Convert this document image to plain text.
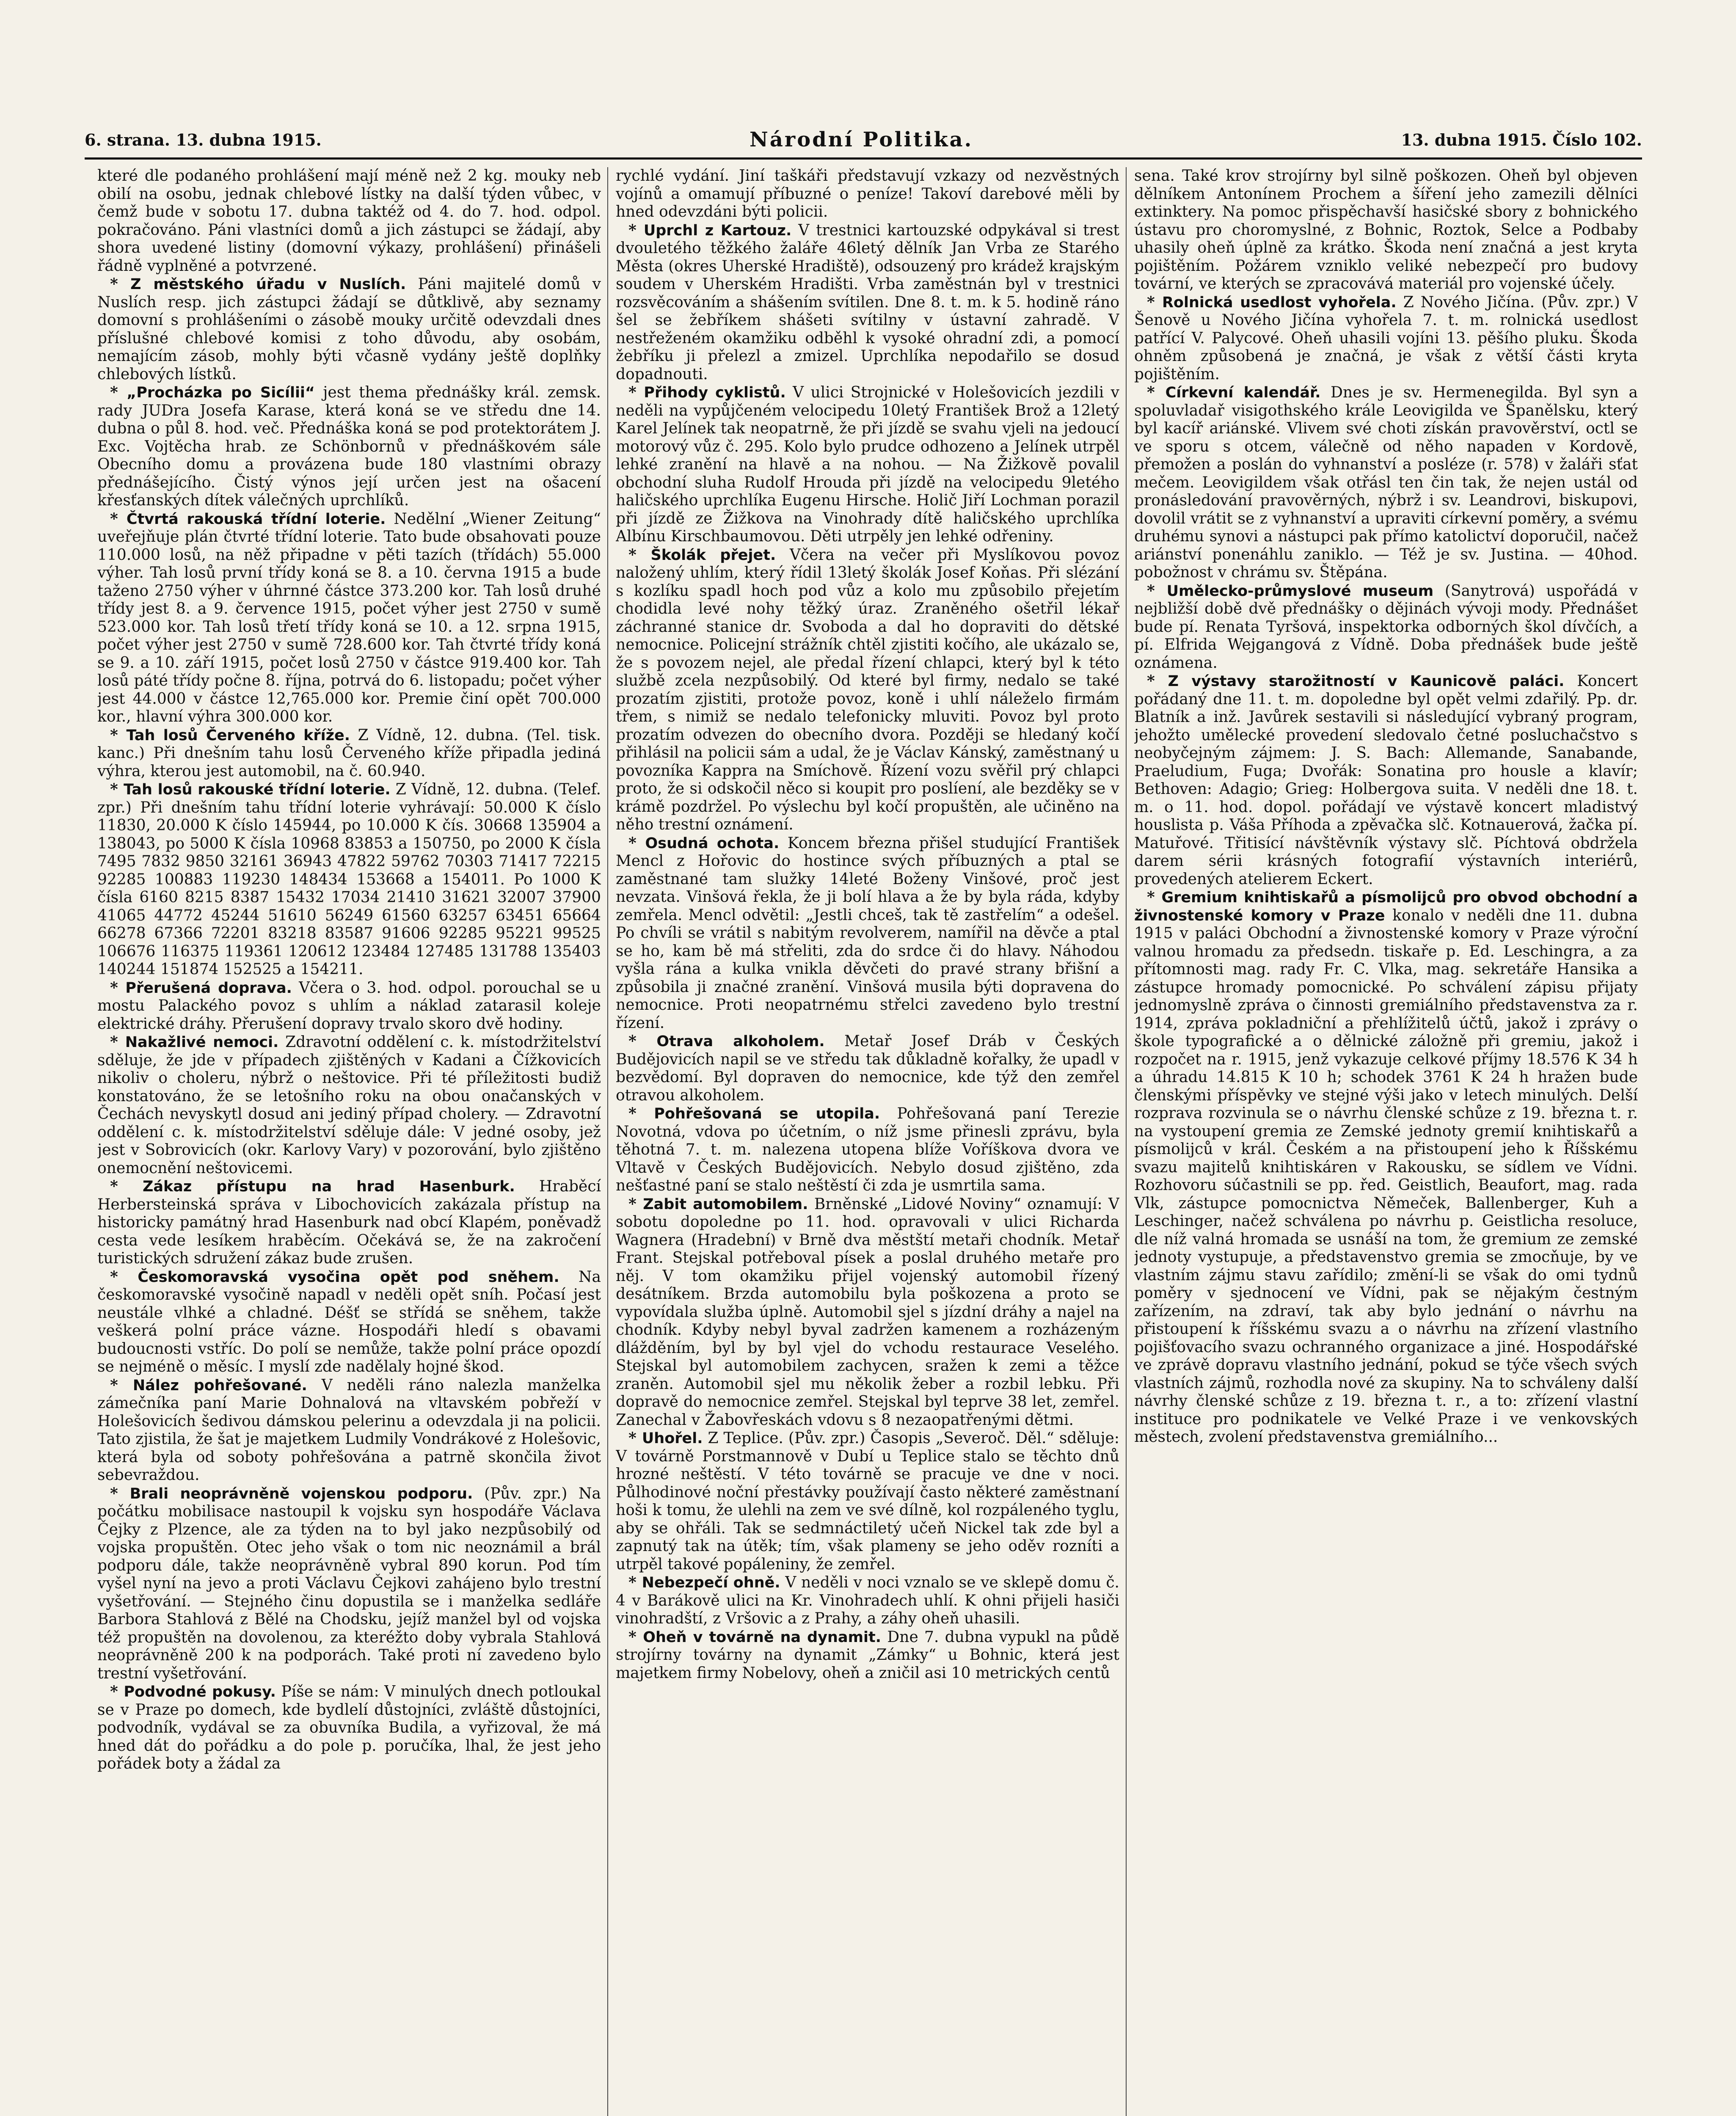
6. strana. 13. dubna 1915.	Národní Politika.	13. dubna 1915. Číslo 102.

které dle podaného prohlášení mají méně než 2 kg. mouky neb obilí na osobu, jednak chlebové lístky na další týden vůbec, v čemž bude v sobotu 17. dubna taktéž od 4. do 7. hod. odpol. pokračováno. Páni vlastníci domů a jich zástupci se žádají, aby shora uvedené listiny (domovní výkazy, prohlášení) přinášeli řádně vyplněné a potvrzené.

* Z městského úřadu v Nuslích. Páni majitelé domů v Nuslích resp. jich zástupci žádají se důtklivě, aby seznamy domovní s prohlášeními o zásobě mouky určitě odevzdali dnes příslušné chlebové komisi z toho důvodu, aby osobám, nemajícím zásob, mohly býti včasně vydány ještě doplňky chlebových lístků.

* „Procházka po Sicílii“ jest thema přednášky král. zemsk. rady JUDra Josefa Karase, která koná se ve středu dne 14. dubna o půl 8. hod. več. Přednáška koná se pod protektorátem J. Exc. Vojtěcha hrab. ze Schönbornů v přednáškovém sále Obecního domu a provázena bude 180 vlastními obrazy přednášejícího. Čistý výnos její určen jest na ošacení křesťanských dítek válečných uprchlíků.

* Čtvrtá rakouská třídní loterie. Nedělní „Wiener Zeitung“ uveřejňuje plán čtvrté třídní loterie. Tato bude obsahovati pouze 110.000 losů, na něž připadne v pěti tazích (třídách) 55.000 výher. Tah losů první třídy koná se 8. a 10. června 1915 a bude taženo 2750 výher v úhrnné částce 373.200 kor. Tah losů druhé třídy jest 8. a 9. července 1915, počet výher jest 2750 v sumě 523.000 kor. Tah losů třetí třídy koná se 10. a 12. srpna 1915, počet výher jest 2750 v sumě 728.600 kor. Tah čtvrté třídy koná se 9. a 10. září 1915, počet losů 2750 v částce 919.400 kor. Tah losů páté třídy počne 8. října, potrvá do 6. listopadu; počet výher jest 44.000 v částce 12,765.000 kor. Premie činí opět 700.000 kor., hlavní výhra 300.000 kor.

* Tah losů Červeného kříže. Z Vídně, 12. dubna. (Tel. tisk. kanc.) Při dnešním tahu losů Červeného kříže připadla jediná výhra, kterou jest automobil, na č. 60.940.

* Tah losů rakouské třídní loterie. Z Vídně, 12. dubna. (Telef. zpr.) Při dnešním tahu třídní loterie vyhrávají: 50.000 K číslo 11830, 20.000 K číslo 145944, po 10.000 K čís. 30668 135904 a 138043, po 5000 K čísla 10968 83853 a 150750, po 2000 K čísla 7495 7832 9850 32161 36943 47822 59762 70303 71417 72215 92285 100883 119230 148434 153668 a 154011. Po 1000 K čísla 6160 8215 8387 15432 17034 21410 31621 32007 37900 41065 44772 45244 51610 56249 61560 63257 63451 65664 66278 67366 72201 83218 83587 91606 92285 95221 99525 106676 116375 119361 120612 123484 127485 131788 135403 140244 151874 152525 a 154211.

* Přerušená doprava. Včera o 3. hod. odpol. porouchal se u mostu Palackého povoz s uhlím a náklad zatarasil koleje elektrické dráhy. Přerušení dopravy trvalo skoro dvě hodiny.

* Nakažlivé nemoci. Zdravotní oddělení c. k. místodržitelství sděluje, že jde v případech zjištěných v Kadani a Čížkovicích nikoliv o choleru, nýbrž o neštovice. Při té příležitosti budiž konstatováno, že se letošního roku na obou onačanských v Čechách nevyskytl dosud ani jediný případ cholery. — Zdravotní oddělení c. k. místodržitelství sděluje dále: V jedné osoby, jež jest v Sobrovicích (okr. Karlovy Vary) v pozorování, bylo zjištěno onemocnění neštovicemi.

* Zákaz přístupu na hrad Hasenburk. Hraběcí Herbersteinská správa v Libochovicích zakázala přístup na historicky památný hrad Hasenburk nad obcí Klapém, poněvadž cesta vede lesíkem hraběcím. Očekává se, že na zakročení turistických sdružení zákaz bude zrušen.

* Českomoravská vysočina opět pod sněhem. Na českomoravské vysočině napadl v neděli opět sníh. Počasí jest neustále vlhké a chladné. Déšť se střídá se sněhem, takže veškerá polní práce vázne. Hospodáři hledí s obavami budoucnosti vstříc. Do polí se nemůže, takže polní práce opozdí se nejméně o měsíc. I myslí zde nadělaly hojné škod.

* Nález pohřešované. V neděli ráno nalezla manželka zámečníka paní Marie Dohnalová na vltavském pobřeží v Holešovicích šedivou dámskou pelerinu a odevzdala ji na policii. Tato zjistila, že šat je majetkem Ludmily Vondrákové z Holešovic, která byla od soboty pohřešována a patrně skončila život sebevraždou.

* Brali neoprávněně vojenskou podporu. (Pův. zpr.) Na počátku mobilisace nastoupil k vojsku syn hospodáře Václava Čejky z Plzence, ale za týden na to byl jako nezpůsobilý od vojska propuštěn. Otec jeho však o tom nic neoznámil a brál podporu dále, takže neoprávněně vybral 890 korun. Pod tím vyšel nyní na jevo a proti Václavu Čejkovi zahájeno bylo trestní vyšetřování. — Stejného činu dopustila se i manželka sedláře Barbora Stahlová z Bělé na Chodsku, jejíž manžel byl od vojska též propuštěn na dovolenou, za kteréžto doby vybrala Stahlová neoprávněně 200 k na podporách. Také proti ní zavedeno bylo trestní vyšetřování.

* Podvodné pokusy. Píše se nám: V minulých dnech potloukal se v Praze po domech, kde bydlelí důstojníci, zvláště důstojníci, podvodník, vydával se za obuvníka Budila, a vyřizoval, že má hned dát do pořádku a do pole p. poručíka, lhal, že jest jeho pořádek boty a žádal za

rychlé vydání. Jiní taškáři představují vzkazy od nezvěstných vojínů a omamují příbuzné o peníze! Takoví darebové měli by hned odevzdáni býti policii.

* Uprchl z Kartouz. V trestnici kartouzské odpykával si trest dvouletého těžkého žaláře 46letý dělník Jan Vrba ze Starého Města (okres Uherské Hradiště), odsouzený pro krádež krajským soudem v Uherském Hradišti. Vrba zaměstnán byl v trestnici rozsvěcováním a shášením svítilen. Dne 8. t. m. k 5. hodině ráno šel se žebříkem shášeti svítilny v ústavní zahradě. V nestřeženém okamžiku odběhl k vysoké ohradní zdi, a pomocí žebříku ji přelezl a zmizel. Uprchlíka nepodařilo se dosud dopadnouti.

* Přihody cyklistů. V ulici Strojnické v Holešovicích jezdili v neděli na vypůjčeném velocipedu 10letý František Brož a 12letý Karel Jelínek tak neopatrně, že při jízdě se svahu vjeli na jedoucí motorový vůz č. 295. Kolo bylo prudce odhozeno a Jelínek utrpěl lehké zranění na hlavě a na nohou. — Na Žižkově povalil obchodní sluha Rudolf Hrouda při jízdě na velocipedu 9letého haličského uprchlíka Eugenu Hirsche. Holič Jiří Lochman porazil při jízdě ze Žižkova na Vinohrady dítě haličského uprchlíka Albínu Kirschbaumovou. Děti utrpěly jen lehké odřeniny.

* Školák přejet. Včera na večer při Myslíkovou povoz naložený uhlím, který řídil 13letý školák Josef Koňas. Při slézání s kozlíku spadl hoch pod vůz a kolo mu způsobilo přejetím chodidla levé nohy těžký úraz. Zraněného ošetřil lékař záchranné stanice dr. Svoboda a dal ho dopraviti do dětské nemocnice. Policejní strážník chtěl zjistiti kočího, ale ukázalo se, že s povozem nejel, ale předal řízení chlapci, který byl k této službě zcela nezpůsobilý. Od které byl firmy, nedalo se také prozatím zjistiti, protože povoz, koně i uhlí náleželo firmám třem, s nimiž se nedalo telefonicky mluviti. Povoz byl proto prozatím odvezen do obecního dvora. Později se hledaný kočí přihlásil na policii sám a udal, že je Václav Kánský, zaměstnaný u povozníka Kappra na Smíchově. Řízení vozu svěřil prý chlapci proto, že si odskočil něco si koupit pro poslíení, ale bezděky se v krámě pozdržel. Po výslechu byl kočí propuštěn, ale učiněno na něho trestní oznámení.

* Osudná ochota. Koncem března přišel studující František Mencl z Hořovic do hostince svých příbuzných a ptal se zaměstnané tam služky 14leté Boženy Vinšové, proč jest nevzata. Vinšová řekla, že ji bolí hlava a že by byla ráda, kdyby zemřela. Mencl odvětil: „Jestli chceš, tak tě zastřelím“ a odešel. Po chvíli se vrátil s nabitým revolverem, namířil na děvče a ptal se ho, kam bě má střeliti, zda do srdce či do hlavy. Náhodou vyšla rána a kulka vnikla děvčeti do pravé strany břišní a způsobila ji značné zranění. Vinšová musila býti dopravena do nemocnice. Proti neopatrnému střelci zavedeno bylo trestní řízení.

* Otrava alkoholem. Metař Josef Dráb v Českých Budějovicích napil se ve středu tak důkladně kořalky, že upadl v bezvědomí. Byl dopraven do nemocnice, kde týž den zemřel otravou alkoholem.

* Pohřešovaná se utopila. Pohřešovaná paní Terezie Novotná, vdova po účetním, o níž jsme přinesli zprávu, byla těhotná 7. t. m. nalezena utopena blíže Voříškova dvora ve Vltavě v Českých Budějovicích. Nebylo dosud zjištěno, zda nešťastné paní se stalo neštěstí či zda je usmrtila sama.

* Zabit automobilem. Brněnské „Lidové Noviny“ oznamují: V sobotu dopoledne po 11. hod. opravovali v ulici Richarda Wagnera (Hradební) v Brně dva městští metaři chodník. Metař Frant. Stejskal potřeboval písek a poslal druhého metaře pro něj. V tom okamžiku přijel vojenský automobil řízený desátníkem. Brzda automobilu byla poškozena a proto se vypovídala služba úplně. Automobil sjel s jízdní dráhy a najel na chodník. Kdyby nebyl byval zadržen kamenem a rozházeným dlážděním, byl by byl vjel do vchodu restaurace Veselého. Stejskal byl automobilem zachycen, sražen k zemi a těžce zraněn. Automobil sjel mu několik žeber a rozbil lebku. Při dopravě do nemocnice zemřel. Stejskal byl teprve 38 let, zemřel. Zanechal v Žabovřeskách vdovu s 8 nezaopatřenými dětmi.

* Uhořel. Z Teplice. (Pův. zpr.) Časopis „Severoč. Děl.“ sděluje: V továrně Porstmannově v Dubí u Teplice stalo se těchto dnů hrozné neštěstí. V této továrně se pracuje ve dne v noci. Půlhodinové noční přestávky používají často některé zaměstnaní hoši k tomu, že ulehli na zem ve své dílně, kol rozpáleného tyglu, aby se ohřáli. Tak se sedmnáctiletý učeň Nickel tak zde byl a zapnutý tak na útěk; tím, však plameny se jeho oděv rozníti a utrpěl takové popáleniny, že zemřel.

* Nebezpečí ohně. V neděli v noci vznalo se ve sklepě domu č. 4 v Barákově ulici na Kr. Vinohradech uhlí. K ohni přijeli hasiči vinohradští, z Vršovic a z Prahy, a záhy oheň uhasili.

* Oheň v továrně na dynamit. Dne 7. dubna vypukl na půdě strojírny továrny na dynamit „Zámky“ u Bohnic, která jest majetkem firmy Nobelovy, oheň a zničil asi 10 metrických centů

sena. Také krov strojírny byl silně poškozen. Oheň byl objeven dělníkem Antonínem Prochem a šíření jeho zamezili dělníci extinktery. Na pomoc přispěchavší hasičské sbory z bohnického ústavu pro choromyslné, z Bohnic, Roztok, Selce a Podbaby uhasily oheň úplně za krátko. Škoda není značná a jest kryta pojištěním. Požárem vzniklo veliké nebezpečí pro budovy tovární, ve kterých se zpracovává materiál pro vojenské účely.

* Rolnická usedlost vyhořela. Z Nového Jičína. (Pův. zpr.) V Šenově u Nového Jičína vyhořela 7. t. m. rolnická usedlost patřící V. Palycové. Oheň uhasili vojíni 13. pěšího pluku. Škoda ohněm způsobená je značná, je však z větší části kryta pojištěním.

* Církevní kalendář. Dnes je sv. Hermenegilda. Byl syn a spoluvladař visigothského krále Leovigilda ve Španělsku, který byl kacíř ariánské. Vlivem své choti získán pravověrství, octl se ve sporu s otcem, válečně od něho napaden v Kordově, přemožen a poslán do vyhnanství a posléze (r. 578) v žaláři sťat mečem. Leovigildem však otřásl ten čin tak, že nejen ustál od pronásledování pravověrných, nýbrž i sv. Leandrovi, biskupovi, dovolil vrátit se z vyhnanství a upraviti církevní poměry, a svému druhému synovi a nástupci pak přímo katolictví doporučil, načež ariánství ponenáhlu zaniklo. — Též je sv. Justina. — 40hod. pobožnost v chrámu sv. Štěpána.

* Umělecko-průmyslové museum (Sanytrová) uspořádá v nejbližší době dvě přednášky o dějinách vývoji mody. Přednášet bude pí. Renata Tyršová, inspektorka odborných škol dívčích, a pí. Elfrida Wejgangová z Vídně. Doba přednášek bude ještě oznámena.

* Z výstavy starožitností v Kaunicově paláci. Koncert pořádaný dne 11. t. m. dopoledne byl opět velmi zdařilý. Pp. dr. Blatník a inž. Javůrek sestavili si následující vybraný program, jehožto umělecké provedení sledovalo četné posluchačstvo s neobyčejným zájmem: J. S. Bach: Allemande, Sanabande, Praeludium, Fuga; Dvořák: Sonatina pro housle a klavír; Bethoven: Adagio; Grieg: Holbergova suita. V neděli dne 18. t. m. o 11. hod. dopol. pořádají ve výstavě koncert mladistvý houslista p. Váša Příhoda a zpěvačka slč. Kotnauerová, žačka pí. Matuřové. Třitisící návštěvník výstavy slč. Píchtová obdržela darem sérii krásných fotografií výstavních interiérů, provedených atelierem Eckert.

* Gremium knihtiskařů a písmolijců pro obvod obchodní a živnostenské komory v Praze konalo v neděli dne 11. dubna 1915 v paláci Obchodní a živnostenské komory v Praze výroční valnou hromadu za předsedn. tiskaře p. Ed. Leschingra, a za přítomnosti mag. rady Fr. C. Vlka, mag. sekretáře Hansika a zástupce hromady pomocnické. Po schválení zápisu přijaty jednomyslně zpráva o činnosti gremiálního představenstva za r. 1914, zpráva pokladniční a přehlížitelů účtů, jakož i zprávy o škole typografické a o dělnické záložně při gremiu, jakož i rozpočet na r. 1915, jenž vykazuje celkové příjmy 18.576 K 34 h a úhradu 14.815 K 10 h; schodek 3761 K 24 h hražen bude členskými příspěvky ve stejné výši jako v letech minulých. Delší rozprava rozvinula se o návrhu členské schůze z 19. března t. r. na vystoupení gremia ze Zemské jednoty gremií knihtiskařů a písmolijců v král. Českém a na přistoupení jeho k Říšskému svazu majitelů knihtiskáren v Rakousku, se sídlem ve Vídni. Rozhovoru súčastnili se pp. řed. Geistlich, Beaufort, mag. rada Vlk, zástupce pomocnictva Němeček, Ballenberger, Kuh a Leschinger, načež schválena po návrhu p. Geistlicha resoluce, dle níž valná hromada se usnáší na tom, že gremium ze zemské jednoty vystupuje, a představenstvo gremia se zmocňuje, by ve vlastním zájmu stavu zařídilo; změní-li se však do omi tydnů poměry v sjednocení ve Vídni, pak se nějakým čestným zařízením, na zdraví, tak aby bylo jednání o návrhu na přistoupení k říšskému svazu a o návrhu na zřízení vlastního pojišťovacího svazu ochranného organizace a jiné. Hospodářské ve zprávě dopravu vlastního jednání, pokud se týče všech svých vlastních zájmů, rozhodla nové za skupiny. Na to schváleny další návrhy členské schůze z 19. března t. r., a to: zřízení vlastní instituce pro podnikatele ve Velké Praze i ve venkovských městech, zvolení představenstva gremiálního...
